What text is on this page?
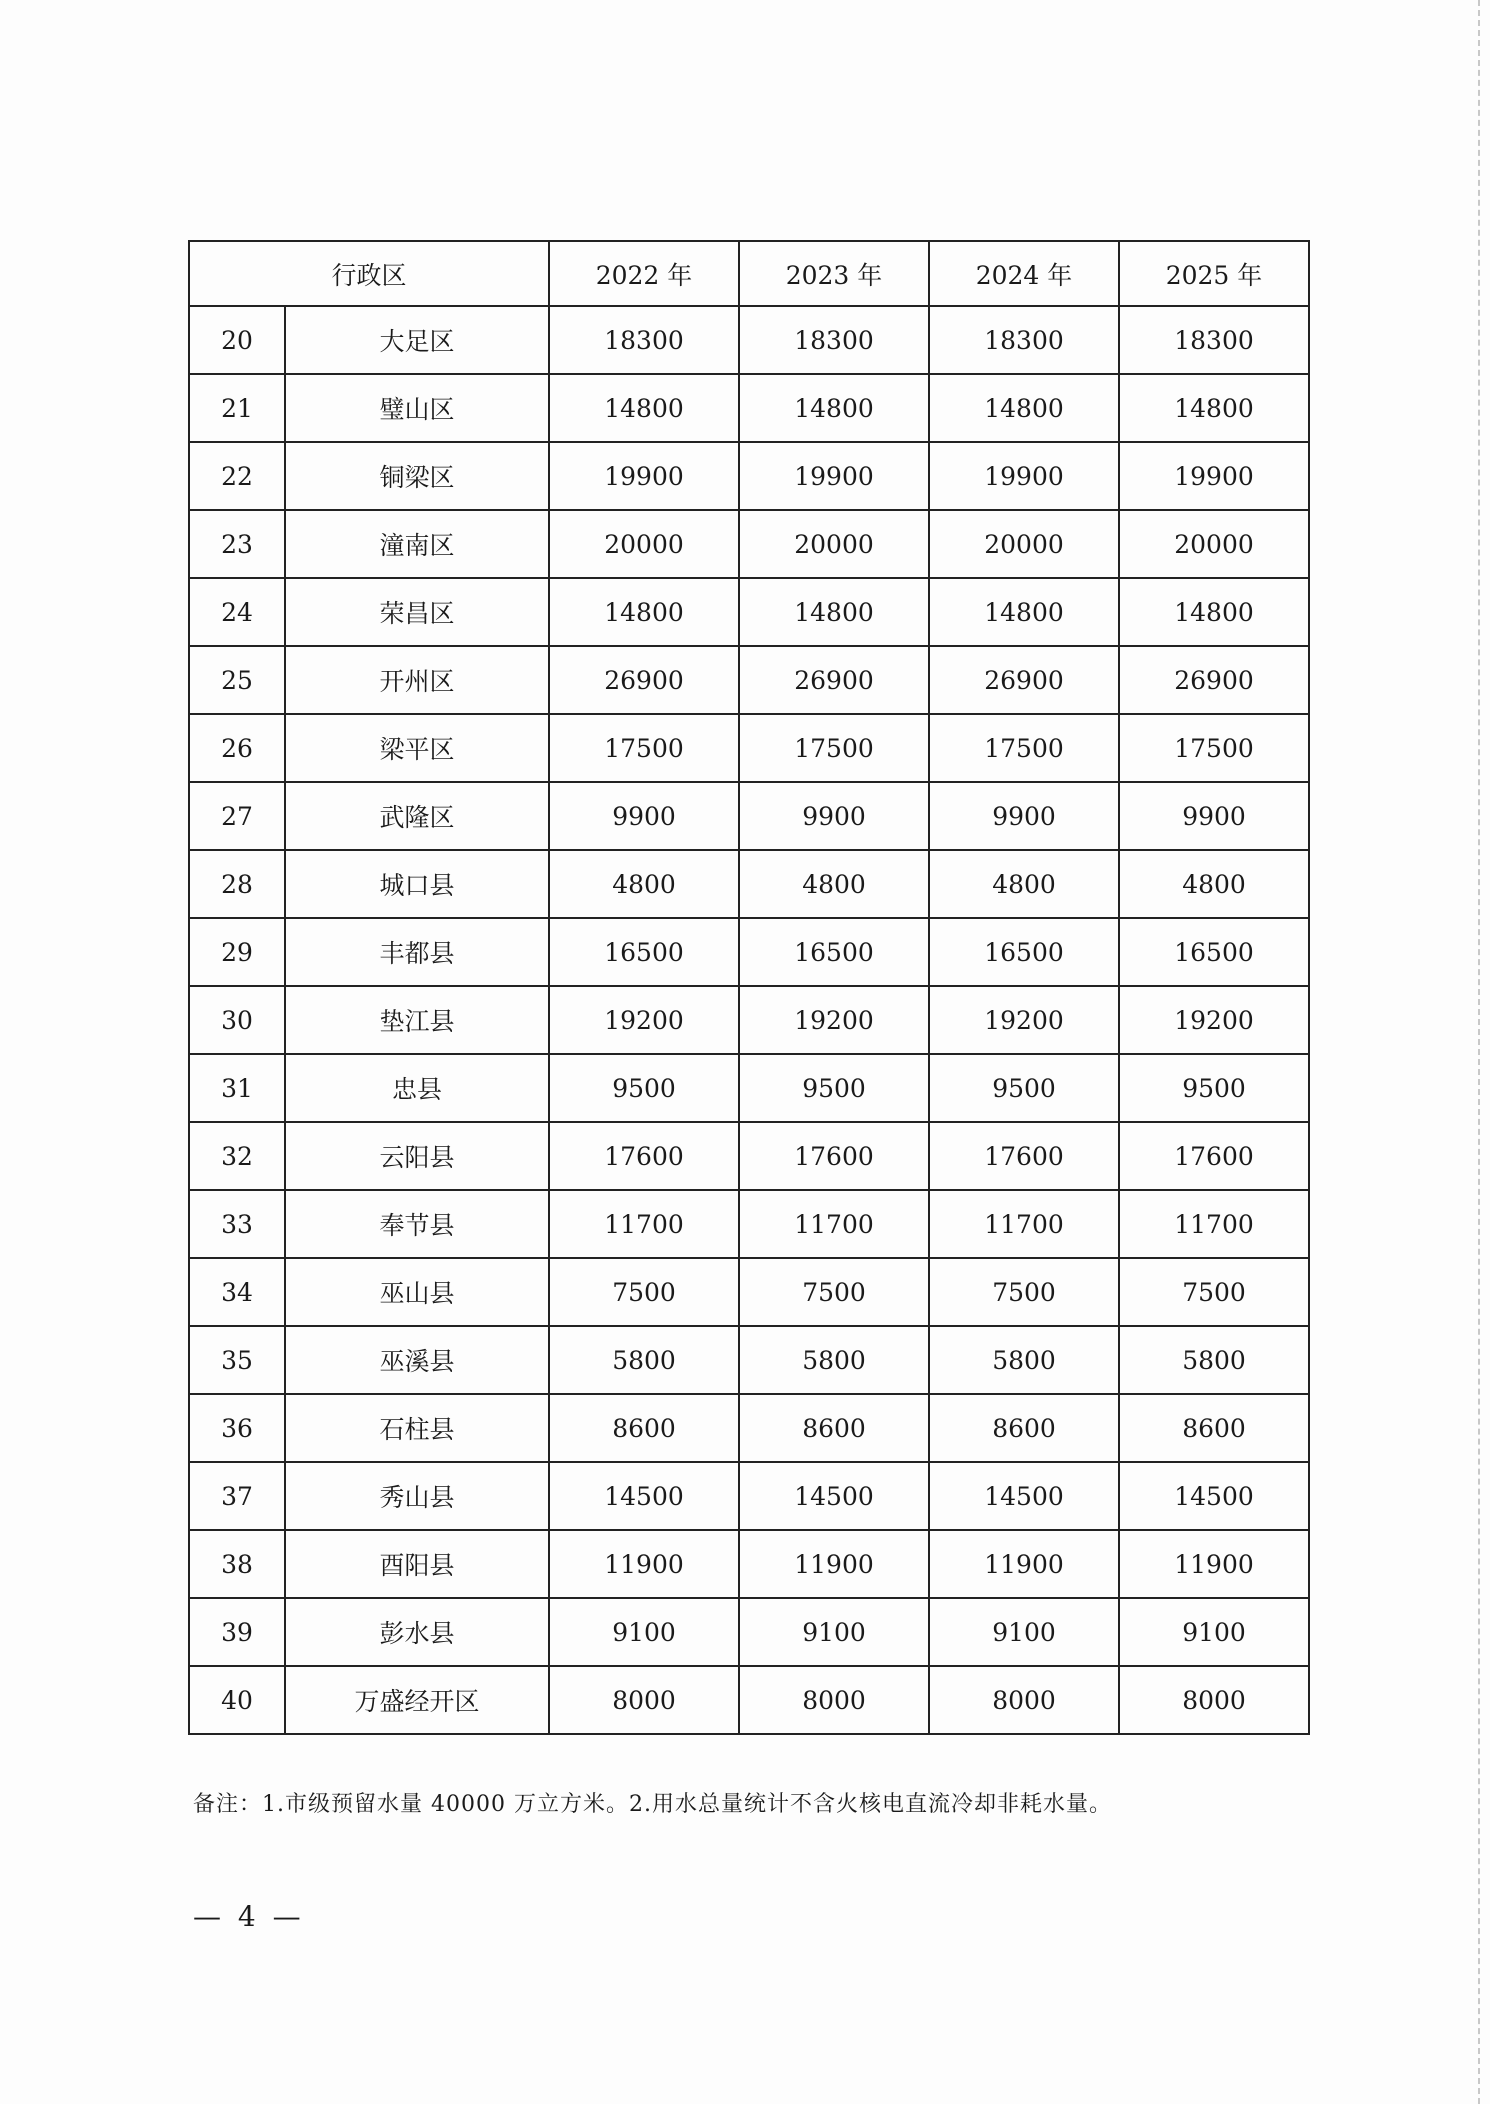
行政区		2022 年	2023 年	2024 年	2025 年
20	大足区	18300	18300	18300	18300
21	璧山区	14800	14800	14800	14800
22	铜梁区	19900	19900	19900	19900
23	潼南区	20000	20000	20000	20000
24	荣昌区	14800	14800	14800	14800
25	开州区	26900	26900	26900	26900
26	梁平区	17500	17500	17500	17500
27	武隆区	9900	9900	9900	9900
28	城口县	4800	4800	4800	4800
29	丰都县	16500	16500	16500	16500
30	垫江县	19200	19200	19200	19200
31	忠县	9500	9500	9500	9500
32	云阳县	17600	17600	17600	17600
33	奉节县	11700	11700	11700	11700
34	巫山县	7500	7500	7500	7500
35	巫溪县	5800	5800	5800	5800
36	石柱县	8600	8600	8600	8600
37	秀山县	14500	14500	14500	14500
38	酉阳县	11900	11900	11900	11900
39	彭水县	9100	9100	9100	9100
40	万盛经开区	8000	8000	8000	8000
备注：1.市级预留水量 40000 万立方米。2.用水总量统计不含火核电直流冷却非耗水量。
— 4 —
